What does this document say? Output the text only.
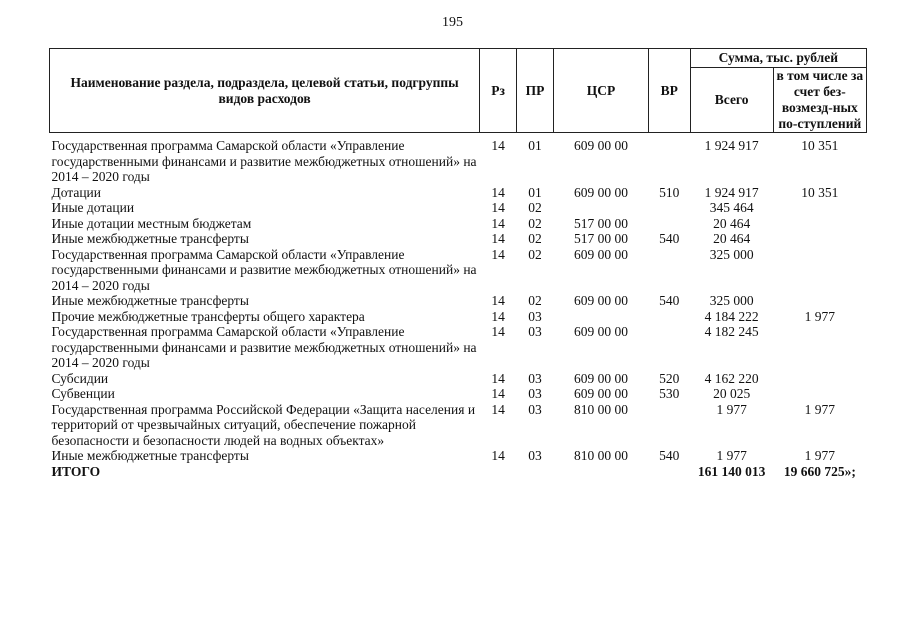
195
Наименование раздела, подраздела, целевой статьи, подгруппы видов расходов	Рз	ПР	ЦСР	ВР	Сумма, тыс. рублей	
					Всего	в том числе за счет без-возмезд-ных по-ступлений

Государственная программа Самарской области «Управление государственными финансами и развитие межбюджетных отношений» на 2014 – 2020 годы	14	01	609 00 00		1 924 917	10 351
Дотации	14	01	609 00 00	510	1 924 917	10 351
Иные дотации	14	02			345 464	
Иные дотации местным бюджетам	14	02	517 00 00		20 464	
Иные межбюджетные трансферты	14	02	517 00 00	540	20 464	
Государственная программа Самарской области «Управление государственными финансами и развитие межбюджетных отношений» на 2014 – 2020 годы	14	02	609 00 00		325 000	
Иные межбюджетные трансферты	14	02	609 00 00	540	325 000	
Прочие межбюджетные трансферты общего характера	14	03			4 184 222	1 977
Государственная программа Самарской области «Управление государственными финансами и развитие межбюджетных отношений» на 2014 – 2020 годы	14	03	609 00 00		4 182 245	
Субсидии	14	03	609 00 00	520	4 162 220	
Субвенции	14	03	609 00 00	530	20 025	
Государственная программа Российской Федерации «Защита населения и территорий от чрезвычайных ситуаций, обеспечение пожарной безопасности и безопасности людей на водных объектах»	14	03	810 00 00		1 977	1 977
Иные межбюджетные трансферты	14	03	810 00 00	540	1 977	1 977
ИТОГО					161 140 013	19 660 725»;
